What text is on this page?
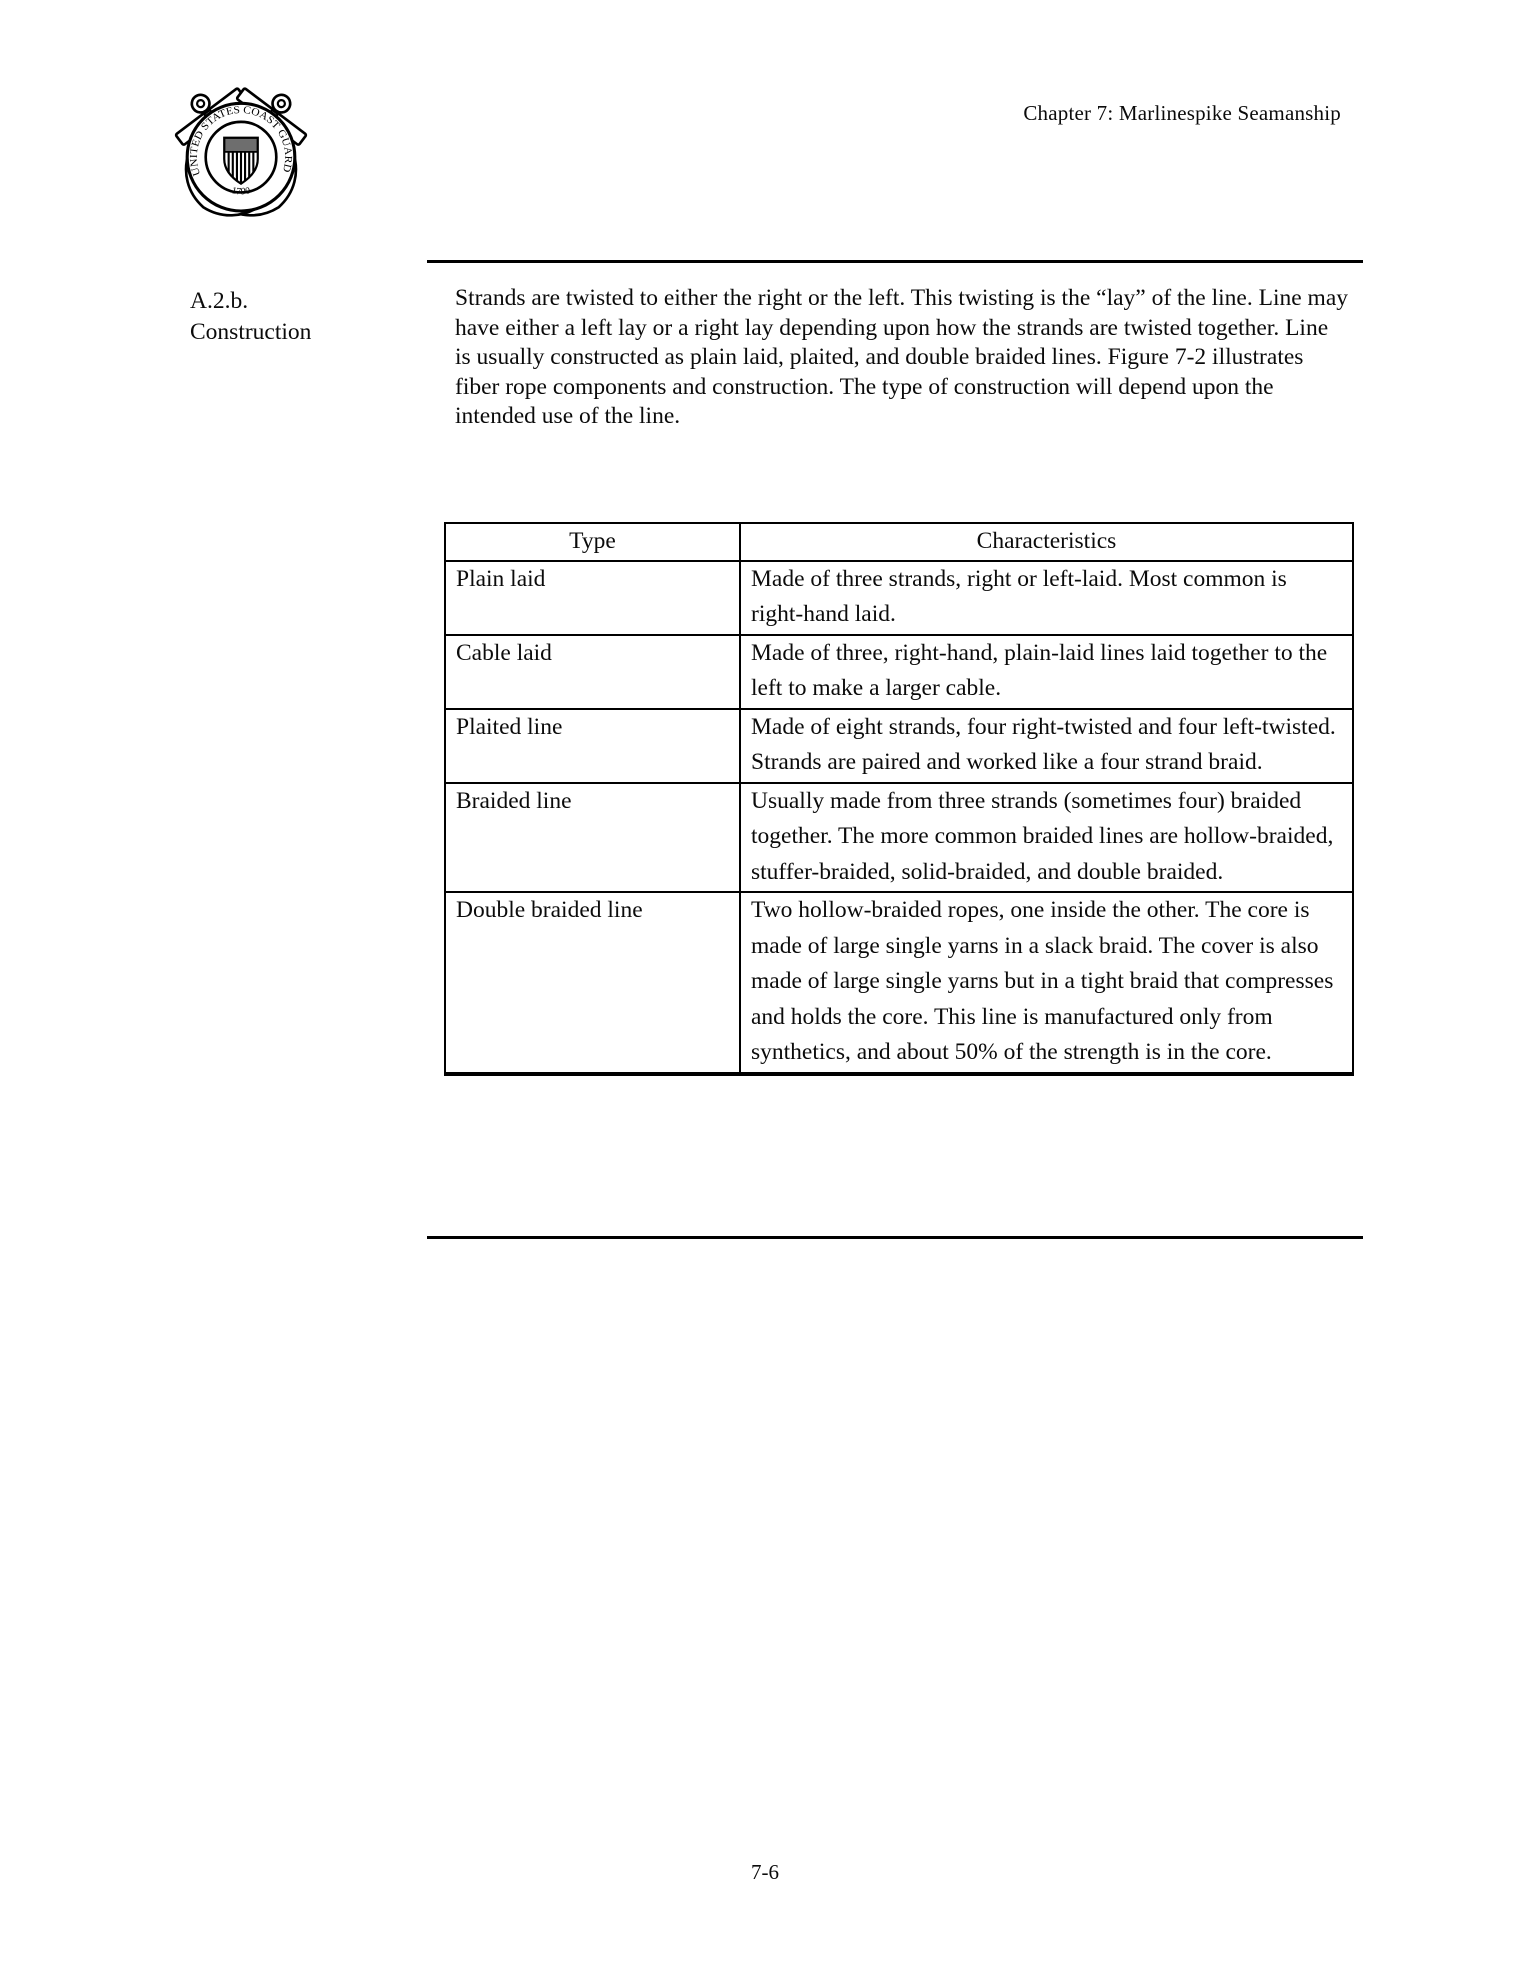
UNITED STATES COAST GUARD
1790
Chapter 7: Marlinespike Seamanship
A.2.b.
Construction
Strands are twisted to either the right or the left. This twisting is the “lay” of the line. Line may have either a left lay or a right lay depending upon how the strands are twisted together. Line is usually constructed as plain laid, plaited, and double braided lines. Figure 7-2 illustrates fiber rope components and construction. The type of construction will depend upon the intended use of the line.
Type	Characteristics
Plain laid	Made of three strands, right or left-laid. Most common is right-hand laid.
Cable laid	Made of three, right-hand, plain-laid lines laid together to the left to make a larger cable.
Plaited line	Made of eight strands, four right-twisted and four left-twisted. Strands are paired and worked like a four strand braid.
Braided line	Usually made from three strands (sometimes four) braided together. The more common braided lines are hollow-braided, stuffer-braided, solid-braided, and double braided.
Double braided line	Two hollow-braided ropes, one inside the other. The core is made of large single yarns in a slack braid. The cover is also made of large single yarns but in a tight braid that compresses and holds the core. This line is manufactured only from synthetics, and about 50% of the strength is in the core.
7-6
